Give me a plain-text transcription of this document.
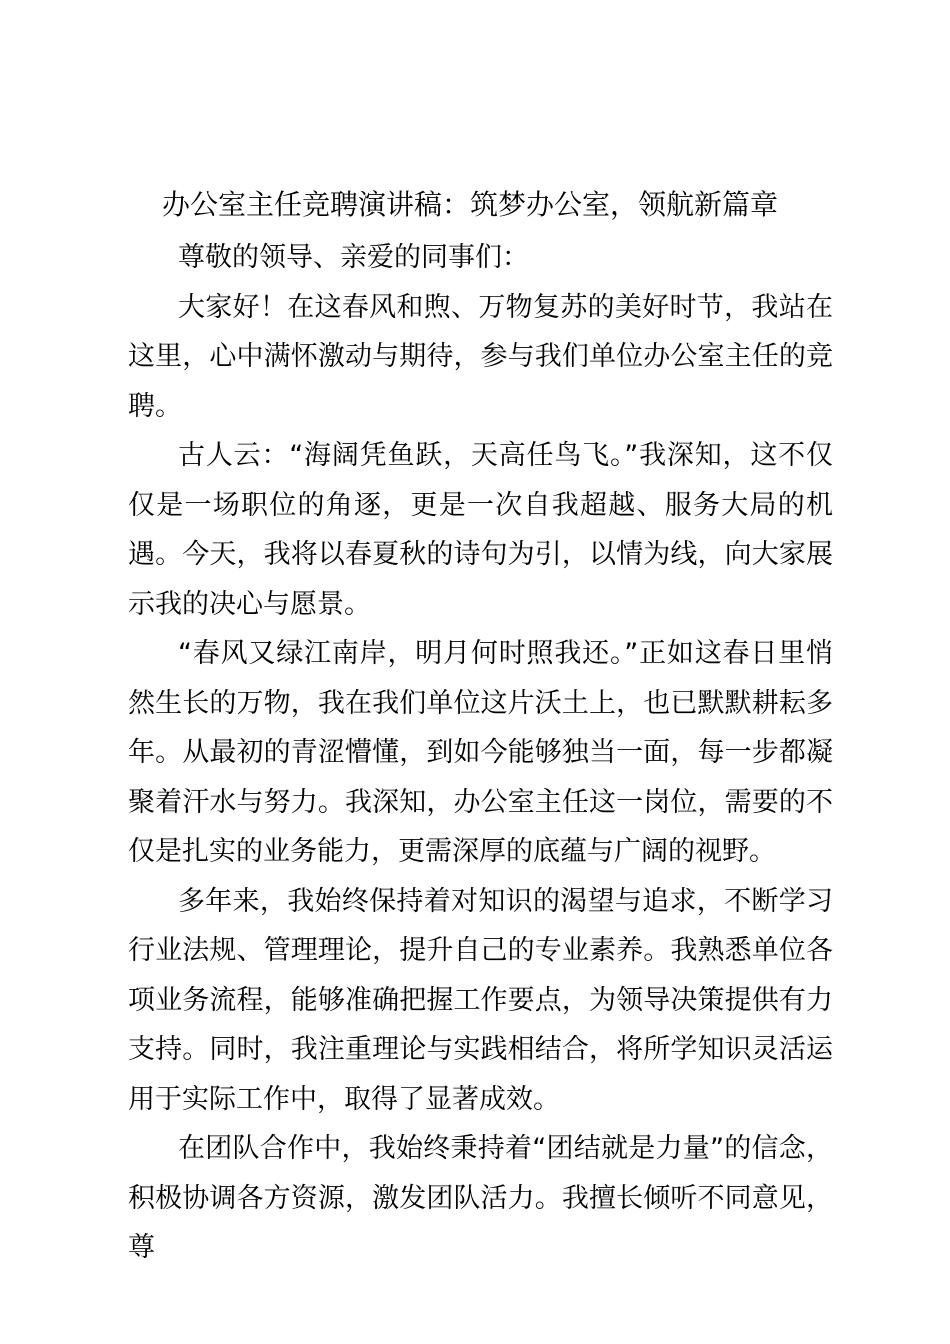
办公室主任竞聘演讲稿：筑梦办公室，领航新篇章

尊敬的领导、亲爱的同事们：

大家好！在这春风和煦、万物复苏的美好时节，我站在这里，心中满怀激动与期待，参与我们单位办公室主任的竞聘。

古人云：“海阔凭鱼跃，天高任鸟飞。”我深知，这不仅仅是一场职位的角逐，更是一次自我超越、服务大局的机遇。今天，我将以春夏秋的诗句为引，以情为线，向大家展示我的决心与愿景。

“春风又绿江南岸，明月何时照我还。”正如这春日里悄然生长的万物，我在我们单位这片沃土上，也已默默耕耘多年。从最初的青涩懵懂，到如今能够独当一面，每一步都凝聚着汗水与努力。我深知，办公室主任这一岗位，需要的不仅是扎实的业务能力，更需深厚的底蕴与广阔的视野。

多年来，我始终保持着对知识的渴望与追求，不断学习行业法规、管理理论，提升自己的专业素养。我熟悉单位各项业务流程，能够准确把握工作要点，为领导决策提供有力支持。同时，我注重理论与实践相结合，将所学知识灵活运用于实际工作中，取得了显著成效。

在团队合作中，我始终秉持着“团结就是力量”的信念，积极协调各方资源，激发团队活力。我擅长倾听不同意见，尊
